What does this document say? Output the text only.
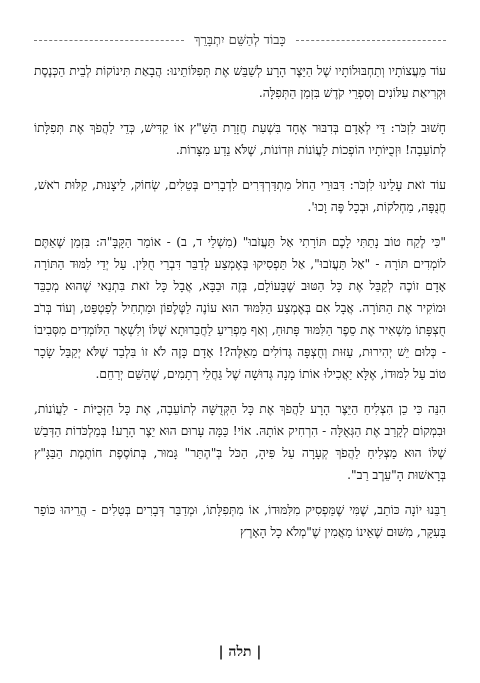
כָּבוֹד לְהַשֵּׁם יִתְבָּרֵךְ

עוֹד מֵעֲצוֹתָיו וְתַחְבּוּלוֹתָיו שֶׁל הַיֵּצֶר הָרָע לְשַׁבֵּשׁ אֶת תְּפִלּוֹתֵינוּ: הֲבָאַת תִּינוֹקוֹת לְבֵית הַכְּנֶסֶת וּקְרִיאַת עִלּוֹנִים וְסִפְרֵי קֹדֶשׁ בִּזְמַן הַתְּפִלָּה.

חָשׁוּב לִזְכֹּר: דַּי לְאָדָם בְּדִבּוּר אֶחָד בִּשְׁעַת חֲזָרַת הַשַּׁ"ץ אוֹ קַדִּישׁ, כְּדֵי לַהֲפֹךְ אֶת תְּפִלָּתוֹ לְתוֹעֵבָה! וּזְכֻיּוֹתָיו הוֹפְכוֹת לַעֲוֹנוֹת וּזְדוֹנוֹת, שֶׁלֹּא נֵדַע מִצָּרוֹת.

עוֹד זֹאת עָלֵינוּ לִזְכֹּר: דִּבּוּרֵי הַחֹל מִתְדַּרְדְּרִים לִדְבָרִים בְּטֵלִים, שְׂחוֹק, לֵיצָנוּת, קַלּוּת רֹאשׁ, חֲנֻפָּה, מַחְלֹקוֹת, וּבְכָל פֶּה וָכוּ'.

"כִּי לֶקַח טוֹב נָתַתִּי לָכֶם תּוֹרָתִי אַל תַּעֲזֹבוּ" (מִשְׁלֵי ד, ב) - אוֹמֵר הַקָּבָּ"ה: בִּזְמַן שֶׁאַתֶּם לוֹמְדִים תּוֹרָה - "אַל תַּעֲזֹבוּ", אַל תַּפְסִיקוּ בְּאֶמְצַע לְדַבֵּר דִּבְרֵי חֻלִּין. עַל יְדֵי לִמּוּד הַתּוֹרָה אָדָם זוֹכֶה לְקַבֵּל אֶת כָּל הַטּוּב שֶׁבָּעוֹלָם, בְּזֶה וּבַבָּא, אֲבָל כָּל זֹאת בִּתְנַאי שֶׁהוּא מְכַבֵּד וּמוֹקִיר אֶת הַתּוֹרָה. אֲבָל אִם בְּאֶמְצַע הַלִּמּוּד הוּא עוֹנֶה לַטֶּלֶפוֹן וּמַתְחִיל לְפַטְפֵּט, וְעוֹד בְּרֹב חֻצְפָּתוֹ מַשְׁאִיר אֶת סֵפֶר הַלִּמּוּד פָּתוּחַ, וְאַף מַפְרִיעַ לַחֲבֵרוּתָא שֶׁלּוֹ וְלִשְׁאָר הַלּוֹמְדִים מִסְּבִיבוֹ - כְּלוּם יֵשׁ יְהִירוּת, עַזּוּת וְחֻצְפָּה גְּדוֹלִים מֵאֵלֶּה?! אָדָם כָּזֶה לֹא זוֹ בִּלְבַד שֶׁלֹּא יְקַבֵּל שָׂכָר טוֹב עַל לִמּוּדוֹ, אֶלָּא יַאֲכִילוּ אוֹתוֹ מָנָה גְּדוּשָׁה שֶׁל גַּחֲלֵי רְתָמִים, שֶׁהַשֵּׁם יְרַחֵם.

הִנֵּה כִּי כֵן הִצְלִיחַ הַיֵּצֶר הָרָע לַהֲפֹךְ אֶת כָּל הַקְּדֻשָּׁה לְתוֹעֵבָה, אֶת כָּל הַזְּכֻיּוֹת - לַעֲוֹנוֹת, וּבִמְקוֹם לְקָרֵב אֶת הַגְּאֻלָּה - הִרְחִיק אוֹתָהּ. אוֹי! כַּמָּה עָרוּם הוּא יֵצֶר הָרָע! בְּמַלְכֹּדוֹת הַדְּבַשׁ שֶׁלּוֹ הוּא מַצְלִיחַ לַהֲפֹךְ קְעָרָה עַל פִּיהָ, הַכֹּל בְּ"הֶתֵּר" גָּמוּר, בְּתוֹסֶפֶת חוֹתֶמֶת הַבַּגָּ"ץ בְּרָאשׁוּת הָ"עֵרֶב רַב".

רַבֵּנוּ יוֹנָה כּוֹתֵב, שֶׁמִּי שֶׁמַּפְסִיק מִלִּמּוּדוֹ, אוֹ מִתְּפִלָּתוֹ, וּמְדַבֵּר דְּבָרִים בְּטֵלִים - הֲרֵיהוּ כּוֹפֵר בָּעִקָּר, מִשּׁוּם שֶׁאֵינוֹ מַאֲמִין שֶׁ"מְלֹא כָל הָאָרֶץ

| תלה |
